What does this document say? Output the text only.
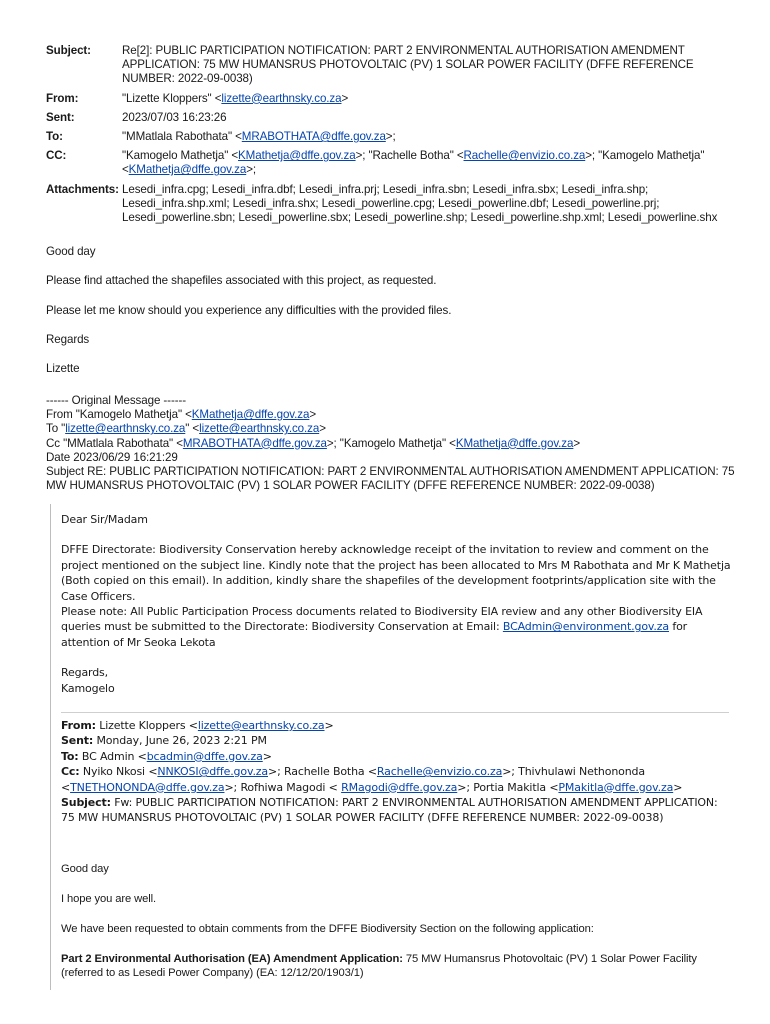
Subject:	Re[2]: PUBLIC PARTICIPATION NOTIFICATION: PART 2 ENVIRONMENTAL AUTHORISATION AMENDMENT APPLICATION: 75 MW HUMANSRUS PHOTOVOLTAIC (PV) 1 SOLAR POWER FACILITY (DFFE REFERENCE NUMBER: 2022-09-0038)
From:	"Lizette Kloppers" <lizette@earthnsky.co.za>
Sent:	2023/07/03 16:23:26
To:	"MMatlala Rabothata" <MRABOTHATA@dffe.gov.za>;
CC:	"Kamogelo Mathetja" <KMathetja@dffe.gov.za>; "Rachelle Botha" <Rachelle@envizio.co.za>; "Kamogelo Mathetja" <KMathetja@dffe.gov.za>;
Attachments: Lesedi_infra.cpg; Lesedi_infra.dbf; Lesedi_infra.prj; Lesedi_infra.sbn; Lesedi_infra.sbx; Lesedi_infra.shp; Lesedi_infra.shp.xml; Lesedi_infra.shx; Lesedi_powerline.cpg; Lesedi_powerline.dbf; Lesedi_powerline.prj; Lesedi_powerline.sbn; Lesedi_powerline.sbx; Lesedi_powerline.shp; Lesedi_powerline.shp.xml; Lesedi_powerline.shx
Good day
Please find attached the shapefiles associated with this project, as requested.
Please let me know should you experience any difficulties with the provided files.
Regards
Lizette
------ Original Message ------
From "Kamogelo Mathetja" <KMathetja@dffe.gov.za>
To "lizette@earthnsky.co.za" <lizette@earthnsky.co.za>
Cc "MMatlala Rabothata" <MRABOTHATA@dffe.gov.za>; "Kamogelo Mathetja" <KMathetja@dffe.gov.za>
Date 2023/06/29 16:21:29
Subject RE: PUBLIC PARTICIPATION NOTIFICATION: PART 2 ENVIRONMENTAL AUTHORISATION AMENDMENT APPLICATION: 75 MW HUMANSRUS PHOTOVOLTAIC (PV) 1 SOLAR POWER FACILITY (DFFE REFERENCE NUMBER: 2022-09-0038)

Dear Sir/Madam

DFFE Directorate: Biodiversity Conservation hereby acknowledge receipt of the invitation to review and comment on the project mentioned on the subject line. Kindly note that the project has been allocated to Mrs M Rabothata and Mr K Mathetja (Both copied on this email). In addition, kindly share the shapefiles of the development footprints/application site with the Case Officers.

Please note: All Public Participation Process documents related to Biodiversity EIA review and any other Biodiversity EIA queries must be submitted to the Directorate: Biodiversity Conservation at Email: BCAdmin@environment.gov.za for attention of Mr Seoka Lekota

Regards,
Kamogelo
From: Lizette Kloppers <lizette@earthnsky.co.za>
Sent: Monday, June 26, 2023 2:21 PM
To: BC Admin <bcadmin@dffe.gov.za>
Cc: Nyiko Nkosi <NNKOSI@dffe.gov.za>; Rachelle Botha <Rachelle@envizio.co.za>; Thivhulawi Nethononda <TNETHONONDA@dffe.gov.za>; Rofhiwa Magodi < RMagodi@dffe.gov.za>; Portia Makitla <PMakitla@dffe.gov.za>
Subject: Fw: PUBLIC PARTICIPATION NOTIFICATION: PART 2 ENVIRONMENTAL AUTHORISATION AMENDMENT APPLICATION: 75 MW HUMANSRUS PHOTOVOLTAIC (PV) 1 SOLAR POWER FACILITY (DFFE REFERENCE NUMBER: 2022-09-0038)
Good day
I hope you are well.
We have been requested to obtain comments from the DFFE Biodiversity Section on the following application:
Part 2 Environmental Authorisation (EA) Amendment Application: 75 MW Humansrus Photovoltaic (PV) 1 Solar Power Facility (referred to as Lesedi Power Company) (EA: 12/12/20/1903/1)
